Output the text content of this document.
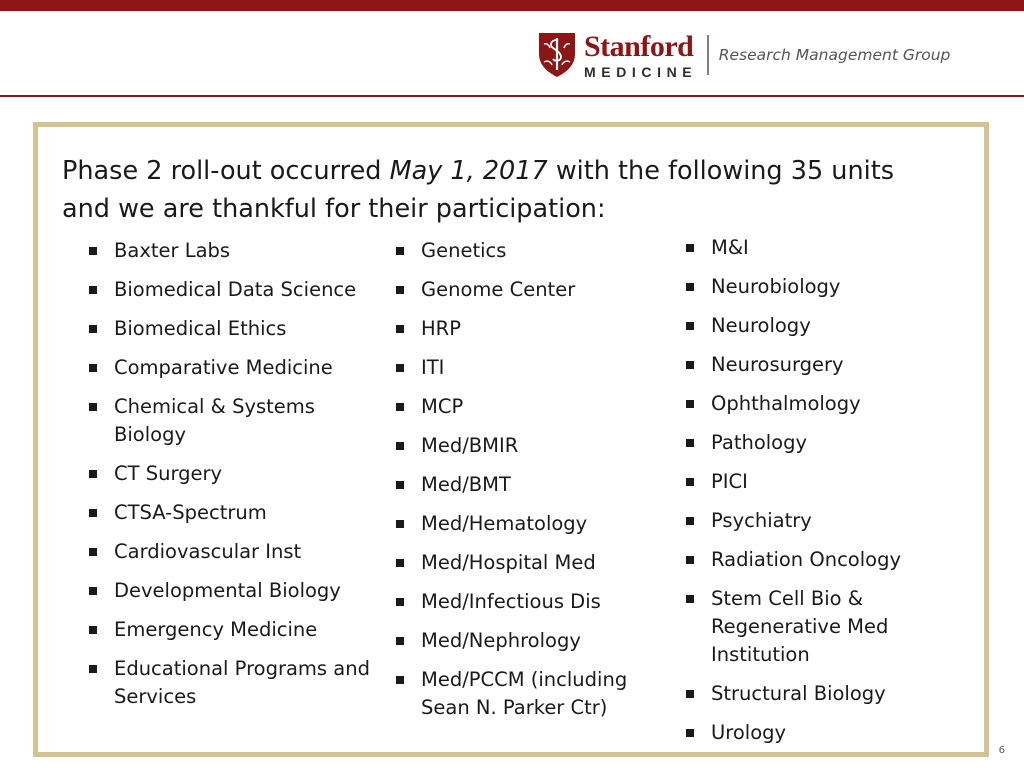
Stanford
MEDICINE
Research Management Group

Phase 2 roll-out occurred May 1, 2017 with the following 35 units and we are thankful for their participation:

Baxter Labs
Biomedical Data Science
Biomedical Ethics
Comparative Medicine
Chemical & Systems Biology
CT Surgery
CTSA-Spectrum
Cardiovascular Inst
Developmental Biology
Emergency Medicine
Educational Programs and Services
Genetics
Genome Center
HRP
ITI
MCP
Med/BMIR
Med/BMT
Med/Hematology
Med/Hospital Med
Med/Infectious Dis
Med/Nephrology
Med/PCCM (including Sean N. Parker Ctr)
M&I
Neurobiology
Neurology
Neurosurgery
Ophthalmology
Pathology
PICI
Psychiatry
Radiation Oncology
Stem Cell Bio & Regenerative Med Institution
Structural Biology
Urology
6
